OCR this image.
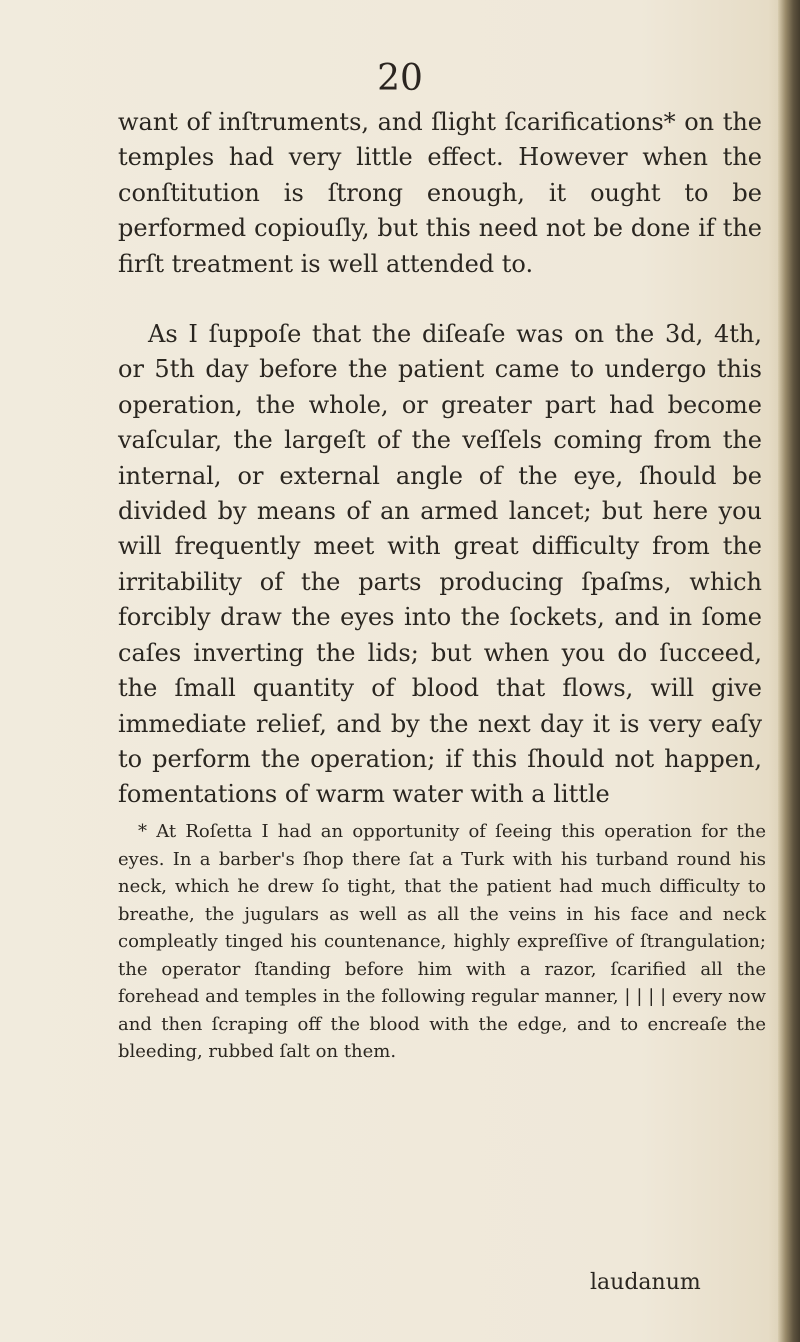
20

want of inſtruments, and ſlight ſcarifications* on the temples had very little effect. However when the conſtitution is ſtrong enough, it ought to be performed copiouſly, but this need not be done if the firſt treatment is well attended to.

As I ſuppoſe that the diſeaſe was on the 3d, 4th, or 5th day before the patient came to undergo this operation, the whole, or greater part had become vaſcular, the largeſt of the veſſels coming from the internal, or external angle of the eye, ſhould be divided by means of an armed lancet; but here you will frequently meet with great difficulty from the irritability of the parts producing ſpaſms, which forcibly draw the eyes into the ſockets, and in ſome caſes inverting the lids; but when you do ſucceed, the ſmall quantity of blood that flows, will give immediate relief, and by the next day it is very eaſy to perform the operation; if this ſhould not happen, fomentations of warm water with a little

* At Roſetta I had an opportunity of ſeeing this operation for the eyes. In a barber's ſhop there ſat a Turk with his turband round his neck, which he drew ſo tight, that the patient had much difficulty to breathe, the jugulars as well as all the veins in his face and neck compleatly tinged his countenance, highly expreſſive of ſtrangulation; the operator ſtanding before him with a razor, ſcarified all the forehead and temples in the following regular manner, | | | | every now and then ſcraping off the blood with the edge, and to encreaſe the bleeding, rubbed ſalt on them.

laudanum
